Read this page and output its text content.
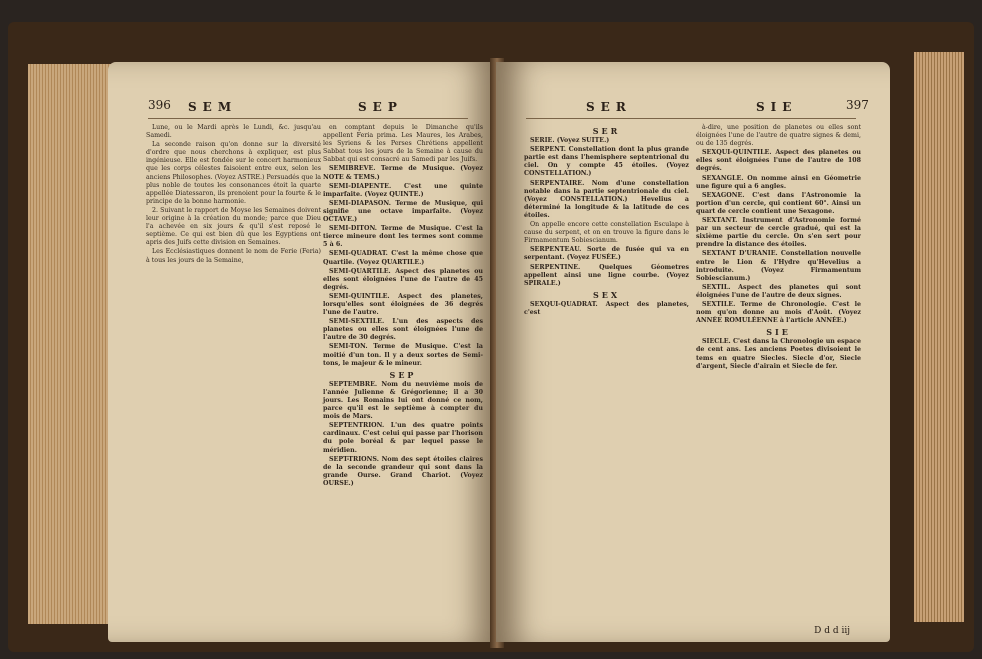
396 SEM	SEP

Lune, ou le Mardi après le Lundi, &c. jusqu'au Samedi.

La seconde raison qu'on donne sur la diversité d'ordre que nous cherchons à expliquer, est plus ingénieuse. Elle est fondée sur le concert harmonieux que les corps célestes faisoient entre eux, selon les anciens Philosophes. (Voyez ASTRE.) Persuadés que la plus noble de toutes les consonances étoit la quarte appellée Diatessaron, ils prenoient pour la fourte & le principe de la bonne harmonie.

2. Suivant le rapport de Moyse les Semaines doivent leur origine à la création du monde; parce que Dieu l'a achevée en six jours & qu'il s'est reposé le septième. Ce qui est bien dû que les Egyptiens ont apris des Juifs cette division en Semaines.

Les Ecclésiastiques donnent le nom de Ferie (Feria) à tous les jours de la Semaine,

en comptant depuis le Dimanche qu'ils appellent Feria prima. Les Maures, les Arabes, les Syriens & les Perses Chrétiens appellent Sabbat tous les jours de la Semaine à cause du Sabbat qui est consacré au Samedi par les Juifs.

SEMIBREVE. Terme de Musique. (Voyez NOTE & TEMS.)

SEMI-DIAPENTE. C'est une quinte imparfaite. (Voyez QUINTE.)

SEMI-DIAPASON. Terme de Musique, qui signifie une octave imparfaite. (Voyez OCTAVE.)

SEMI-DITON. Terme de Musique. C'est la tierce mineure dont les termes sont comme 5 à 6.

SEMI-QUADRAT. C'est la même chose que Quartile. (Voyez QUARTILE.)

SEMI-QUARTILE. Aspect des planetes ou elles sont éloignées l'une de l'autre de 45 degrés.

SEMI-QUINTILE. Aspect des planetes, lorsqu'elles sont éloignées de 36 degrés l'une de l'autre.

SEMI-SEXTILE. L'un des aspects des planetes ou elles sont éloignées l'une de l'autre de 30 degrés.

SEMI-TON. Terme de Musique. C'est la moitié d'un ton. Il y a deux sortes de Semi-tons, le majeur & le mineur.

SEP

SEPTEMBRE. Nom du neuvième mois de l'année Julienne & Grégorienne; il a 30 jours. Les Romains lui ont donné ce nom, parce qu'il est le septième à compter du mois de Mars.

SEPTENTRION. L'un des quatre points cardinaux. C'est celui qui passe par l'horison du pole boréal & par lequel passe le méridien.

SEPT-TRIONS. Nom des sept étoiles claires de la seconde grandeur qui sont dans la grande Ourse. Grand Chariot. (Voyez OURSE.)

SER	SIE	397
SER

SERIE. (Voyez SUITE.)

SERPENT. Constellation dont la plus grande partie est dans l'hemisphere septentrional du ciel. On y compte 45 étoiles. (Voyez CONSTELLATION.)

SERPENTAIRE. Nom d'une constellation notable dans la partie septentrionale du ciel. (Voyez CONSTELLATION.) Hevelius a déterminé la longitude & la latitude de ces étoiles.

On appelle encore cette constellation Esculape à cause du serpent, et on en trouve la figure dans le Firmamentum Sobiescianum.

SERPENTEAU. Sorte de fusée qui va en serpentant. (Voyez FUSÉE.)

SERPENTINE. Quelques Géometres appellent ainsi une ligne courbe. (Voyez SPIRALE.)

SEX

SEXQUI-QUADRAT. Aspect des planetes, c'est

à-dire, une position de planetes ou elles sont éloignées l'une de l'autre de quatre signes & demi, ou de 135 degrés.

SEXQUI-QUINTILE. Aspect des planetes ou elles sont éloignées l'une de l'autre de 108 degrés.

SEXANGLE. On nomme ainsi en Géometrie une figure qui a 6 angles.

SEXAGONE. C'est dans l'Astronomie la portion d'un cercle, qui contient 60°. Ainsi un quart de cercle contient une Sexagone.

SEXTANT. Instrument d'Astronomie formé par un secteur de cercle gradué, qui est la sixième partie du cercle. On s'en sert pour prendre la distance des étoiles.

SEXTANT D'URANIE. Constellation nouvelle entre le Lion & l'Hydre qu'Hevelius a introduite. (Voyez Firmamentum Sobiescianum.)

SEXTIL. Aspect des planetes qui sont éloignées l'une de l'autre de deux signes.

SEXTILE. Terme de Chronologie. C'est le nom qu'on donne au mois d'Août. (Voyez ANNÉE ROMULÉENNE à l'article ANNÉE.)

SIE

SIECLE. C'est dans la Chronologie un espace de cent ans. Les anciens Poetes divisoient le tems en quatre Siecles. Siecle d'or, Siecle d'argent, Siecle d'airain et Siecle de fer.

D d d iij
